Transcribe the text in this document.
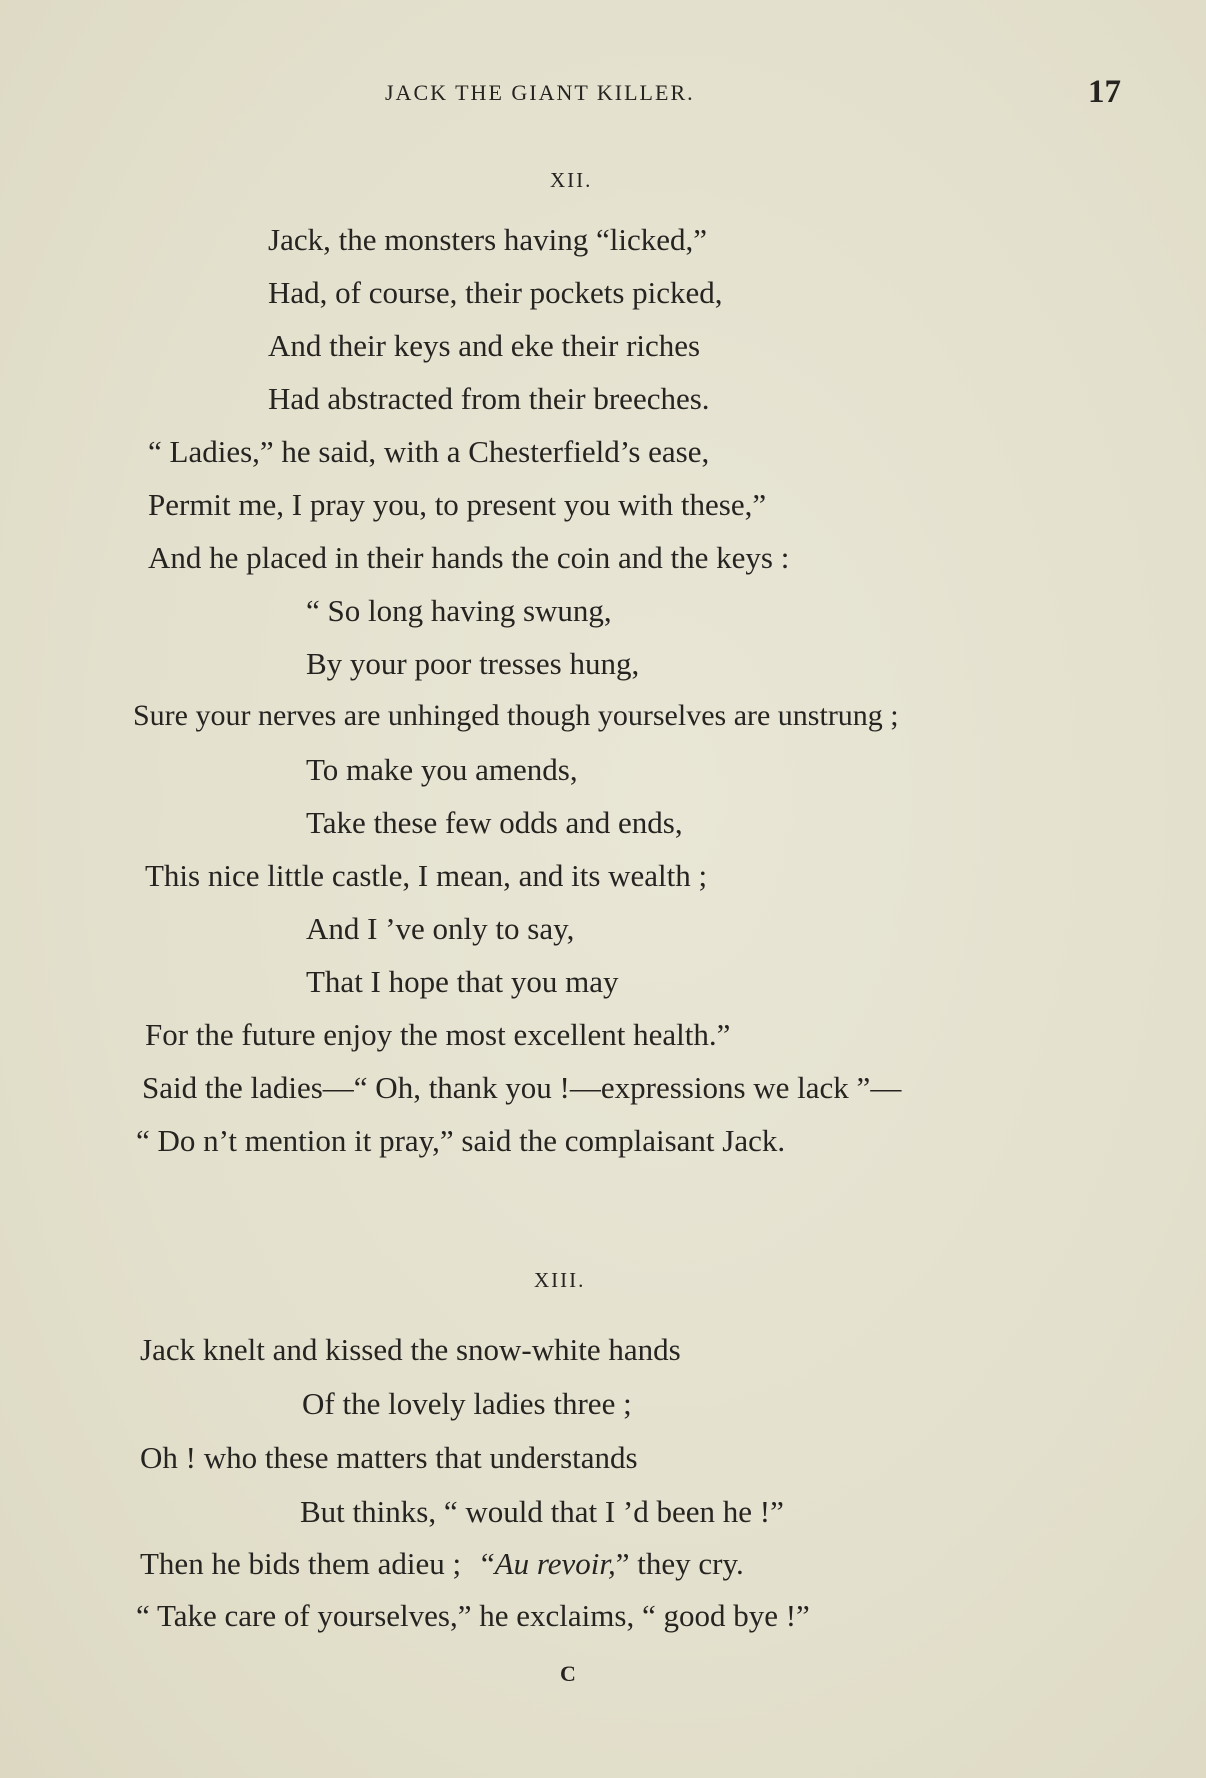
JACK THE GIANT KILLER.	17
XII.
Jack, the monsters having “licked,”
Had, of course, their pockets picked,
And their keys and eke their riches
Had abstracted from their breeches.
“ Ladies,” he said, with a Chesterfield’s ease,
Permit me, I pray you, to present you with these,”
And he placed in their hands the coin and the keys :
“ So long having swung,
By your poor tresses hung,
Sure your nerves are unhinged though yourselves are unstrung ;
To make you amends,
Take these few odds and ends,
This nice little castle, I mean, and its wealth ;
And I ’ve only to say,
That I hope that you may
For the future enjoy the most excellent health.”
Said the ladies—“ Oh, thank you !—expressions we lack ”—
“ Do n’t mention it pray,” said the complaisant Jack.
XIII.
Jack knelt and kissed the snow-white hands
Of the lovely ladies three ;
Oh ! who these matters that understands
But thinks, “ would that I ’d been he !”
Then he bids them adieu ; “Au revoir,” they cry.
“ Take care of yourselves,” he exclaims, “ good bye !”
C
